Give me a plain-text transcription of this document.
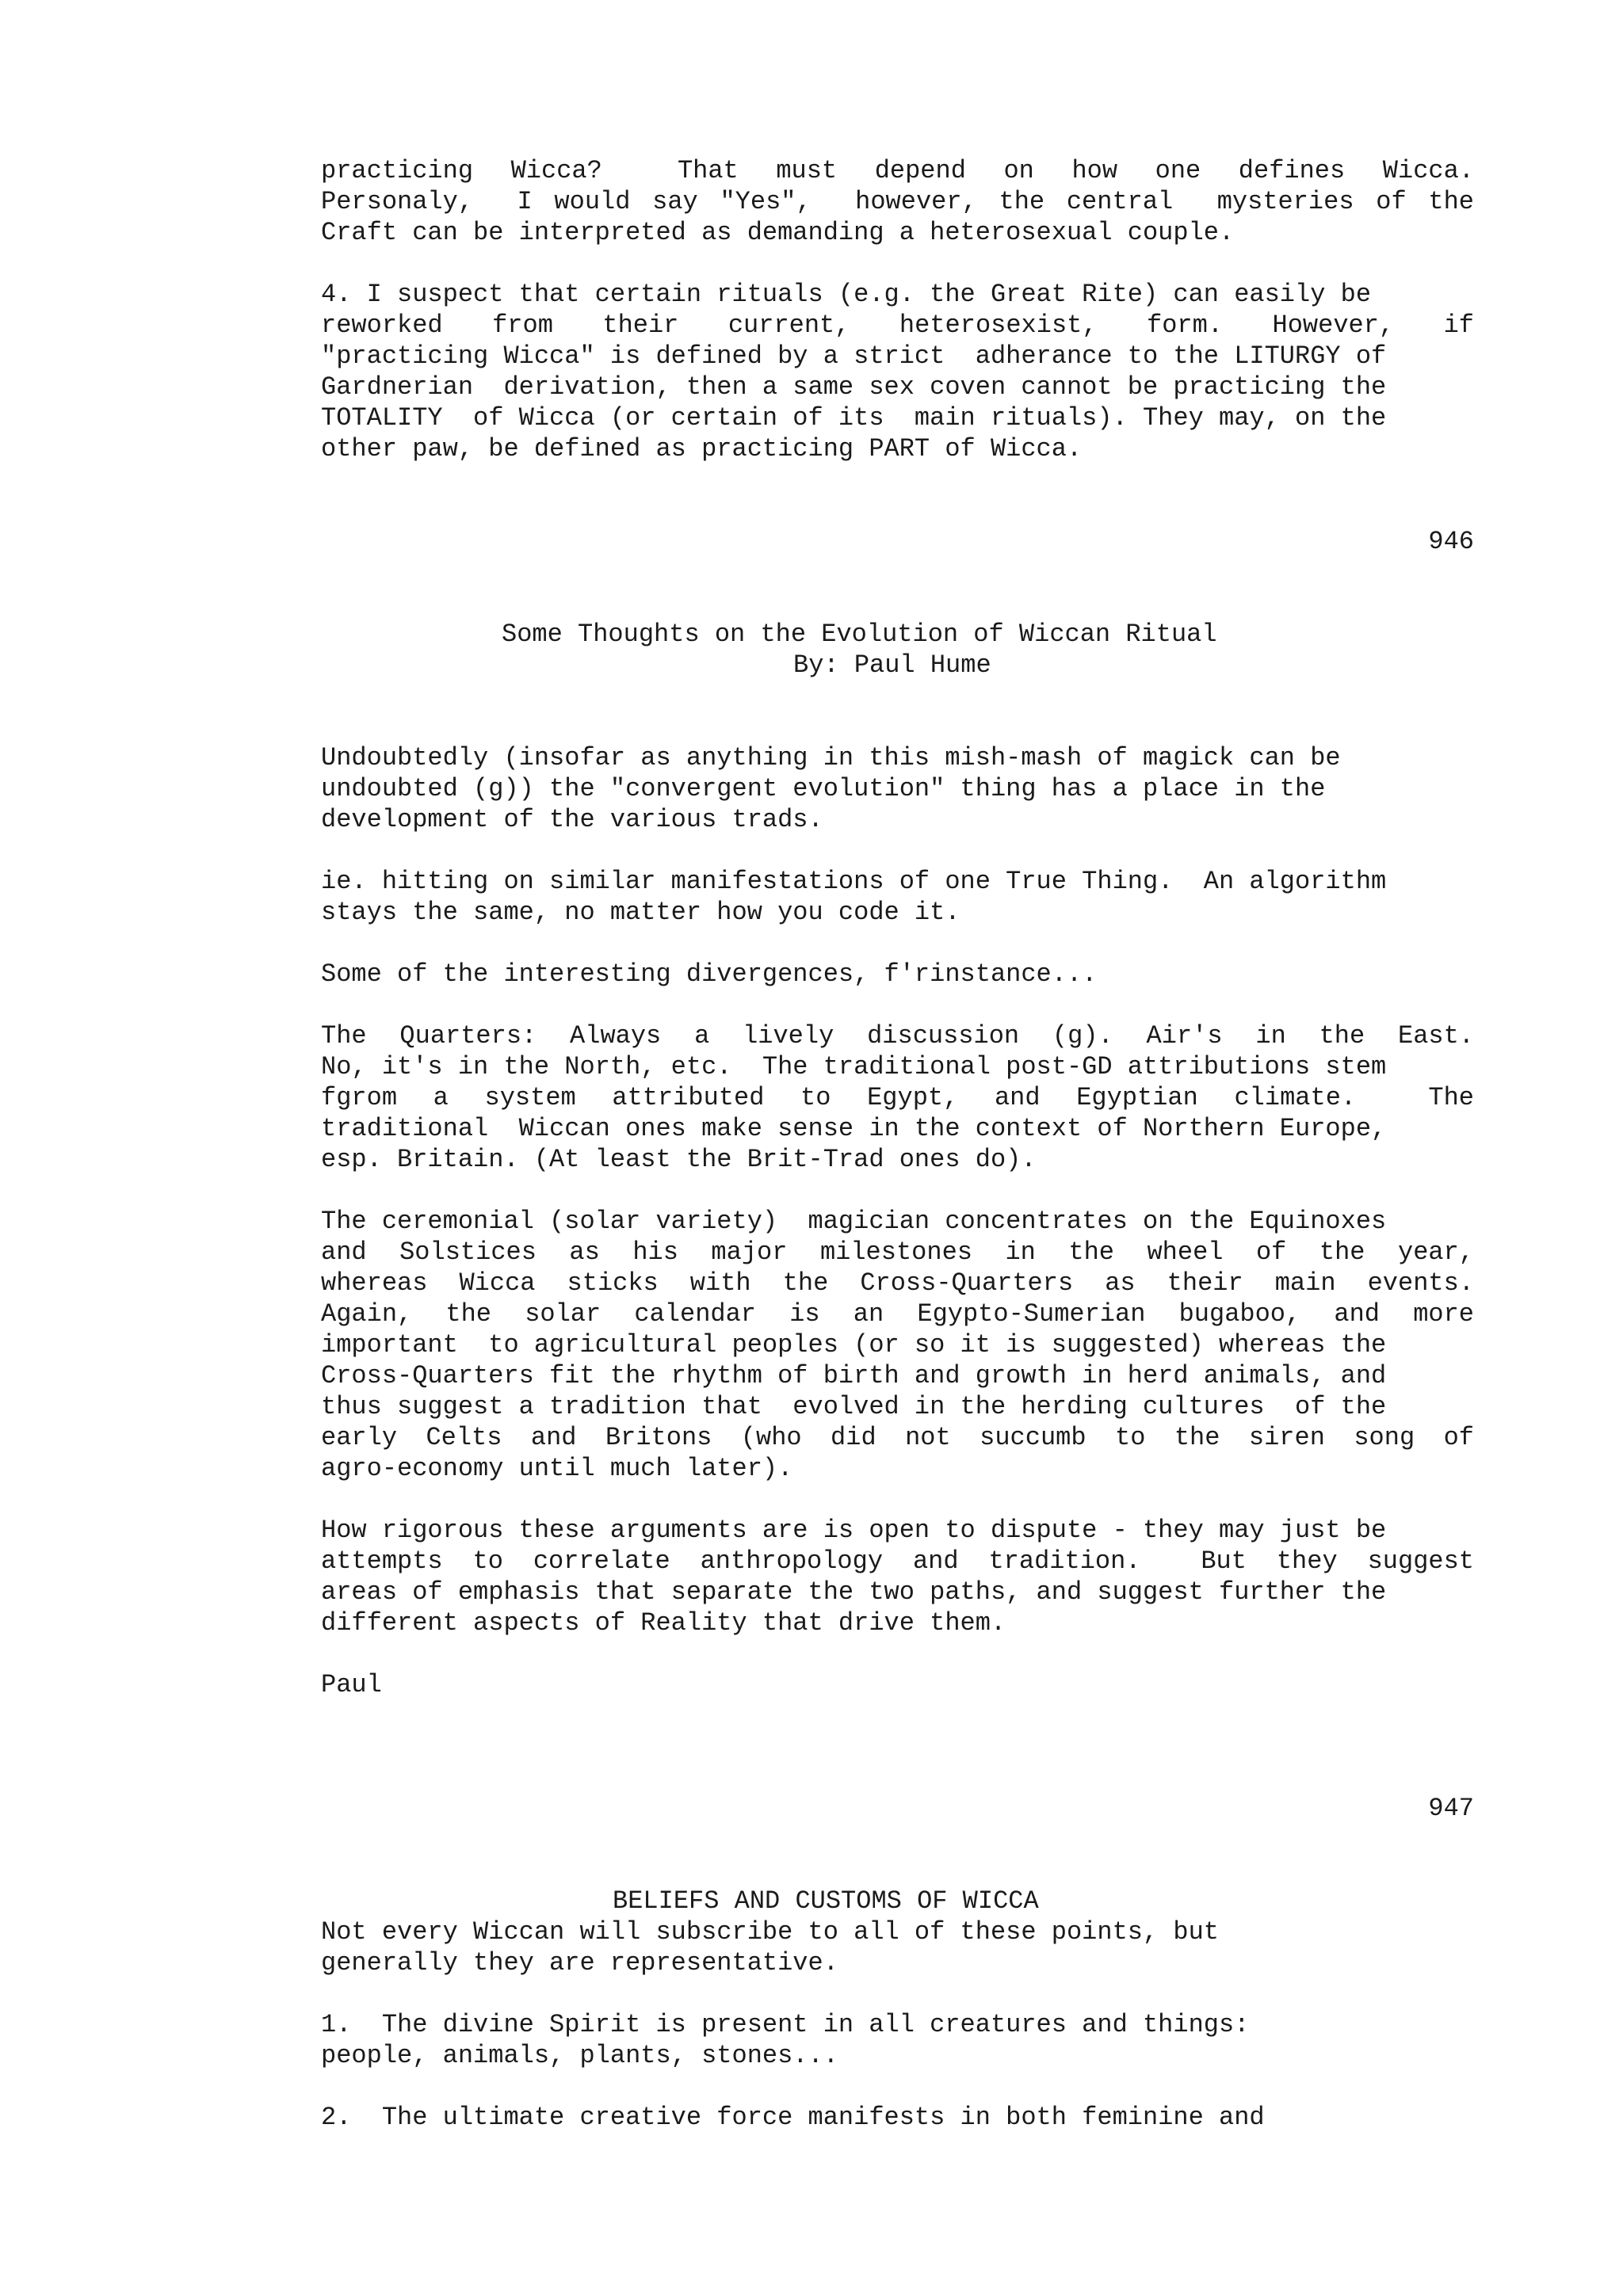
practicing Wicca?  That must depend on how one defines Wicca.
Personaly,  I would say "Yes",  however, the central  mysteries of the
Craft can be interpreted as demanding a heterosexual couple.
4. I suspect that certain rituals (e.g. the Great Rite) can easily be
reworked from their current, heterosexist, form. However, if
"practicing Wicca" is defined by a strict  adherance to the LITURGY of
Gardnerian  derivation, then a same sex coven cannot be practicing the
TOTALITY  of Wicca (or certain of its  main rituals). They may, on the
other paw, be defined as practicing PART of Wicca.
946
Some Thoughts on the Evolution of Wiccan Ritual
By: Paul Hume
Undoubtedly (insofar as anything in this mish-mash of magick can be
undoubted (g)) the "convergent evolution" thing has a place in the
development of the various trads.
ie. hitting on similar manifestations of one True Thing.  An algorithm
stays the same, no matter how you code it.
Some of the interesting divergences, f'rinstance...
The Quarters: Always a lively discussion (g). Air's in the East.
No, it's in the North, etc.  The traditional post-GD attributions stem
fgrom a system attributed to Egypt, and Egyptian climate.  The
traditional  Wiccan ones make sense in the context of Northern Europe,
esp. Britain. (At least the Brit-Trad ones do).
The ceremonial (solar variety)  magician concentrates on the Equinoxes
and Solstices as his major milestones in the wheel of the year,
whereas Wicca sticks with the Cross-Quarters as their main events.
Again, the solar calendar is an Egypto-Sumerian bugaboo, and more
important  to agricultural peoples (or so it is suggested) whereas the
Cross-Quarters fit the rhythm of birth and growth in herd animals, and
thus suggest a tradition that  evolved in the herding cultures  of the
early Celts and Britons (who did not succumb to the siren song of
agro-economy until much later).
How rigorous these arguments are is open to dispute - they may just be
attempts to correlate anthropology and tradition.  But they suggest
areas of emphasis that separate the two paths, and suggest further the
different aspects of Reality that drive them.
Paul
947
BELIEFS AND CUSTOMS OF WICCA
Not every Wiccan will subscribe to all of these points, but
generally they are representative.
1.  The divine Spirit is present in all creatures and things:
people, animals, plants, stones...
2.  The ultimate creative force manifests in both feminine and
